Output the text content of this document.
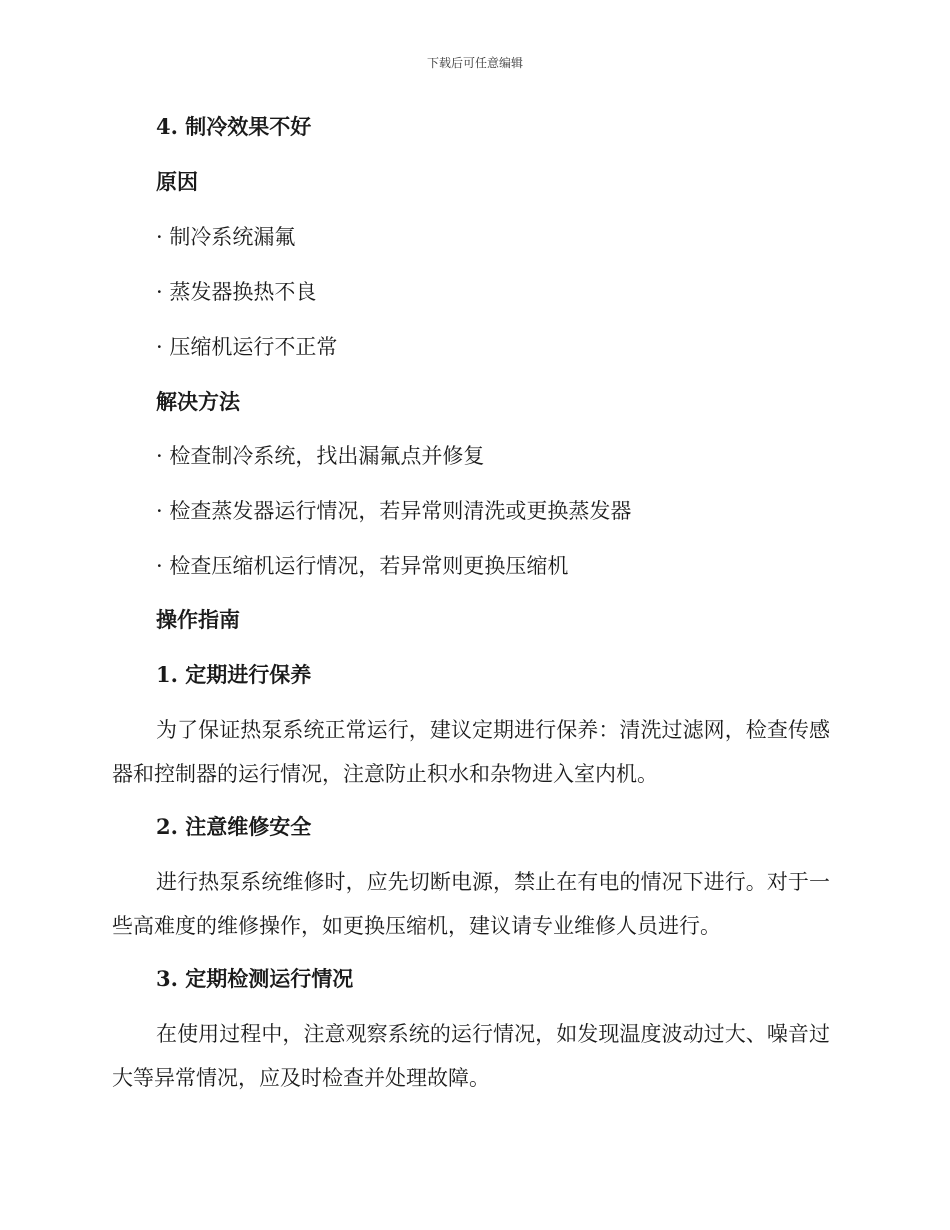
下载后可任意编辑
4. 制冷效果不好
原因
· 制冷系统漏氟
· 蒸发器换热不良
· 压缩机运行不正常
解决方法
· 检查制冷系统，找出漏氟点并修复
· 检查蒸发器运行情况，若异常则清洗或更换蒸发器
· 检查压缩机运行情况，若异常则更换压缩机
操作指南
1. 定期进行保养
为了保证热泵系统正常运行，建议定期进行保养：清洗过滤网，检查传感器和控制器的运行情况，注意防止积水和杂物进入室内机。
2. 注意维修安全
进行热泵系统维修时，应先切断电源，禁止在有电的情况下进行。对于一些高难度的维修操作，如更换压缩机，建议请专业维修人员进行。
3. 定期检测运行情况
在使用过程中，注意观察系统的运行情况，如发现温度波动过大、噪音过大等异常情况，应及时检查并处理故障。
